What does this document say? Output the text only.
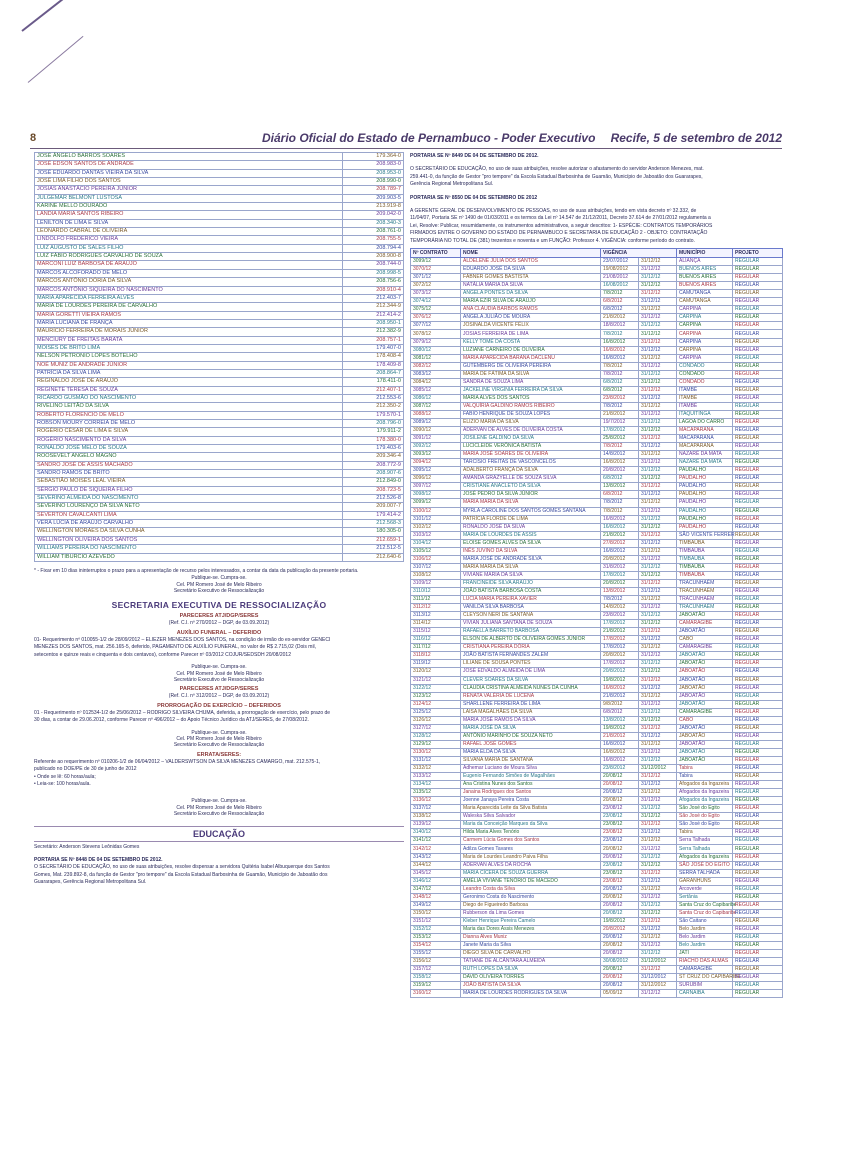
8	Diário Oficial do Estado de Pernambuco - Poder Executivo Recife, 5 de setembro de 2012
JOSÉ ÂNGELO BARROS SOARES	179.364-0
JOSÉ EDSON SANTOS DE ANDRADE	208.983-0
JOSÉ EDUARDO DANTAS VIEIRA DA SILVA	208.953-0
JOSÉ LIMA FILHO DOS SANTOS	208.990-0
JOSIAS ANASTÁCIO PEREIRA JÚNIOR	208.789-7
JULGEMAR BELMONT LUSTOSA	209.903-5
KARINE MELLO DOURADO	213.919-8
LANDIA MARIA SANTOS RIBEIRO	209.042-0
LENILTON DE LIMA E SILVA	208.340-3
LEONARDO CABRAL DE OLIVEIRA	208.761-0
LINDOLFO FREDERICO VIEIRA	208.755-5
LUIZ AUGUSTO DE SALES FILHO	208.794-4
LUIZ FÁBIO RODRIGUES CARVALHO DE SOUZA	208.900-8
MARCONI LUIZ BARBOSA DE ARAÚJO	208.744-0
MARCOS ALCOFORADO DE MELO	208.998-5
MARCOS ANTÔNIO DÓRIA DA SILVA	208.756-6
MARCOS ANTÔNIO SIQUEIRA DO NASCIMENTO	208.910-4
MARIA APARECIDA FERREIRA ALVES	212.403-7
MARIA DE LOURDES PEREIRA DE CARVALHO	212.344-9
MARIA GORETTI VIEIRA RAMOS	212.414-2
MARIA LUCIANA DE FRANÇA	208.950-1
MAURÍCIO FERREIRA DE MORAIS JÚNIOR	212.382-9
MENCIURY DE FREITAS BARATA	208.757-1
MOISÉS DE BRITO LIMA	179.407-0
NELSON PETRONIO LOPES BOTELHO	178.408-4
NOÉ MUNIZ DE ANDRADE JÚNIOR	178.409-8
PATRÍCIA DA SILVA LIMA	208.864-7
REGINALDO JOSÉ DE ARAÚJO	178.411-0
REGINETE TERESA DE SOUZA	212.407-1
RICARDO GUSMÃO DO NASCIMENTO	212.553-6
RIVELINO LEITÃO DA SILVA	212.350-2
ROBERTO FLORENCIO DE MELO	179.570-1
ROBSON MOURY CORREIA DE MELO	208.796-0
ROGÉRIO CÉSAR DE LIMA E SILVA	179.911-2
ROGÉRIO NASCIMENTO DA SILVA	178.380-0
RONALDO JOSÉ MELO DE SOUZA	179.403-6
ROOSEVELT ANGELO MAGNO	209.346-4
SANDRO JOSÉ DE ASSIS MACHADO	208.772-9
SANDRO RAMOS DE BRITO	208.907-6
SEBASTIÃO MOISÉS LEAL VIEIRA	212.849-0
SÉRGIO PAULO DE SIQUEIRA FILHO	208.723-5
SEVERINO ALMEIDA DO NASCIMENTO	212.526-8
SEVERINO LOURENÇO DA SILVA NETO	209.007-7
SEVERTON CAVALCANTI LIMA	179.414-2
VERA LÚCIA DE ARAÚJO CARVALHO	212.568-3
WELLINGTON MORAES DA SILVA CUNHA	180.305-0
WELLINGTON OLIVEIRA DOS SANTOS	212.659-1
WILLIAMS PEREIRA DO NASCIMENTO	212.512-5
WILLIAM TIBURCIO AZEVEDO	212.640-6
* - Fixar em 10 dias ininterruptos o prazo para a apresentação de recurso pelos interessados, a contar da data da publicação da presente portaria.
Publique-se. Cumpra-se.
Cel. PM Romero José de Melo Ribeiro
Secretário Executivo de Ressocialização
SECRETARIA EXECUTIVA DE RESSOCIALIZAÇÃO
PARECERES ATJ/DGP/SERES
(Ref. C.I. nº 270/2012 – DGP, de 03.09.2012)
AUXÍLIO FUNERAL – DEFERIDO
01- Requerimento nº 010055-1/2 de 28/09/2012 – ELIEZER MENEZES DOS SANTOS, na condição de irmão do ex-servidor GENECI
MENEZES DOS SANTOS, mat. 256.165-5, deferido, PAGAMENTO DE AUXÍLIO FUNERAL, no valor de R$ 2.715,02 (Dois mil,
setecentos e quinze reais e cinquenta e dois centavos), conforme Parecer nº 03/2012 COJUR/SEDSDH 20/08/2012
Publique-se. Cumpra-se.
Cel. PM Romero José de Melo Ribeiro
Secretário Executivo de Ressocialização
PARECERES ATJ/DGP/SERES
(Ref. C.I. nº 312/2012 – DGP, de 03.09.2012)
PRORROGAÇÃO DE EXERCÍCIO – DEFERIDOS
01 - Requerimento nº 012534-1/2 de 25/06/2012 – RODRIGO SILVEIRA CHUMA, deferida, a prorrogação de exercício, pelo prazo de
30 dias, a contar de 29.06.2012, conforme Parecer nº 496/2012 – do Apoio Técnico Jurídico da ATJ/SERES, de 27/08/2012.
Publique-se. Cumpra-se.
Cel. PM Romero José de Melo Ribeiro
Secretário Executivo de Ressocialização
ERRATA/SERES:
Referente ao requerimento nº 010206-1/2 de 06/04/2012 – VALDERSWTSON DA SILVA MENEZES CAMARGO, mat. 212.575-1,
publicado no DOE/PE de 30 de junho de 2012
• Onde se lê: 60 horas/aula;
• Leia-se: 100 horas/aula.
Publique-se. Cumpra-se.
Cel. PM Romero José de Melo Ribeiro
Secretário Executivo de Ressocialização
EDUCAÇÃO
Secretário: Anderson Stevens Leônidas Gomes
PORTARIA SE Nº 8448 DE 04 DE SETEMBRO DE 2012.
O SECRETÁRIO DE EDUCAÇÃO, no uso de suas atribuições, resolve dispensar a servidora Quitéria Isabel Albuquerque dos Santos
Gomes, Mat. 239.892-8, da função de Gestor "pro tempore" da Escola Estadual Barbosinha de Guamão, Município de Jaboatão dos
Guararapes, Gerência Regional Metropolitana Sul.
PORTARIA SE Nº 8449 DE 04 DE SETEMBRO DE 2012.
O SECRETÁRIO DE EDUCAÇÃO, no uso de suas atribuições, resolve autorizar o afastamento do servidor Anderson Menezes, mat.
259.441-0, da função de Gestor "pro tempore" da Escola Estadual Barbosinha de Guamão, Município de Jaboatão dos Guararapes,
Gerência Regional Metropolitana Sul.
PORTARIA SE Nº 8550 DE 04 DE SETEMBRO DE 2012
A GERENTE GERAL DE DESENVOLVIMENTO DE PESSOAS, no uso de suas atribuições, tendo em vista decreto nº 32.332, de
11/04/07, Portaria SE nº 1490 de 01/03/2011 e os termos da Lei nº 14.547 de 21/12/2011, Decreto 37.614 de 27/01/2012 regulamenta a
Lei, Resolve: Publicar, resumidamente, os instrumentos administrativos, a seguir descritos: 1- ESPÉCIE: CONTRATOS TEMPORÁRIOS
FIRMADOS ENTRE O GOVERNO DO ESTADO DE PERNAMBUCO E SECRETARIA DE EDUCAÇÃO 2 - OBJETO: CONTRATAÇÃO
TEMPORÁRIA NO TOTAL DE (381) trezentos e noventa e um FUNÇÃO: Professor 4. VIGÊNCIA: conforme período do contrato.
Nº CONTRATO	NOME	VIGÊNCIA		MUNICÍPIO	PROJETO
3099/12	ALDELENE JÚLIA DOS SANTOS	23/07/2012	31/12/12	ALIANÇA	REGULAR
3070/12	EDUARDO JOSÉ DA SILVA	19/08/2012	31/12/12	BUENOS AIRES	REGULAR
3071/12	FÁBNER GOMES BASTISTA	21/08/2012	31/12/12	BUENOS AIRES	REGULAR
3072/12	NATÁLIA MARIA DA SILVA	16/08/2012	31/12/12	BUENOS AIRES	REGULAR
3073/12	ANGELA PONTES DA SILVA	7/8/2012	31/12/12	CAMUTANGA	REGULAR
3074/12	MARIA EZIR SILVA DE ARAÚJO	6/8/2012	31/12/12	CAMUTANGA	REGULAR
3075/12	ANA CLÁUDIA BARBOS RAMOS	6/8/2012	31/12/12	CARPINA	REGULAR
3076/12	ANGELA JULIÃO DE MOURA	21/8/2012	31/12/12	CARPINA	REGULAR
3077/12	JOSINALDA VICENTE FÉLIX	18/8/2012	31/12/12	CARPINA	REGULAR
3078/12	JOSIAS FERREIRA DE LIMA	7/8/2012	31/12/12	CARPINA	REGULAR
3079/12	KELLY TOMÉ DA COSTA	16/8/2012	31/12/12	CARPINA	REGULAR
3080/12	LUZIANE CARNEIRO DE OLIVEIRA	16/8/2012	31/12/12	CARPINA	REGULAR
3081/12	MARIA APARECIDA BARANA DACLENU	16/8/2012	31/12/12	CARPINA	REGULAR
3082/12	GUTEMBERG DE OLIVEIRA PEREIRA	7/8/2012	31/12/12	CONDADO	REGULAR
3083/12	MARIA DE FÁTIMA DA SILVA	7/8/2012	31/12/12	CONDADO	REGULAR
3084/12	SANDRA DE SOUZA LIMA	6/8/2012	31/12/12	CONDADO	REGULAR
3085/12	JACKELINE VIRGÍNIA FERREIRA DA SILVA	6/8/2012	31/12/12	ITAMBÉ	REGULAR
3086/12	MARIA ALVES DOS SANTOS	23/8/2012	31/12/12	ITAMBÉ	REGULAR
3087/12	VALQUÍRIA GALDINO RAMOS RIBEIRO	7/8/2012	31/12/12	ITAMBÉ	REGULAR
3088/12	FABIO HENRIQUE DE SOUZA LOPES	21/8/2012	31/12/12	ITAQUITINGA	REGULAR
3089/12	ELIZIO MARIA DA SILVA	19/7/2012	31/12/12	LAGOA DO CARRO	REGULAR
3090/12	ADERVAN DE ALVES DE OLIVEIRA COSTA	17/8/2012	31/12/12	MACAPARANA	REGULAR
3091/12	JOSILENE GALDINO DA SILVA	25/8/2012	31/12/12	MACAPARANA	REGULAR
3092/12	LUCICLEIDE VERÔNICA BATISTA	7/8/2012	31/12/12	MACAPARANA	REGULAR
3093/12	MARIA JOSÉ SOARES DE OLIVEIRA	14/8/2012	31/12/12	NAZARÉ DA MATA	REGULAR
3094/12	TARCÍSIO FREITAS DE VASCONCELOS	16/8/2012	31/12/12	NAZARÉ DA MATA	REGULAR
3095/12	ADALBERTO FRANÇA DA SILVA	20/8/2012	31/12/12	PAUDALHO	REGULAR
3096/12	AMANDA GRAZYELLE DE SOUZA SILVA	6/8/2012	31/12/12	PAUDALHO	REGULAR
3097/12	CRISTIANE ANACLETO DA SILVA	13/8/2012	31/12/12	PAUDALHO	REGULAR
3098/12	JOSÉ PEDRO DA SILVA JÚNIOR	6/8/2012	31/12/12	PAUDALHO	REGULAR
3099/12	MARIA MARIA DA SILVA	7/8/2012	31/12/12	PAUDALHO	REGULAR
3100/12	MYRLA CAROLINE DOS SANTOS GOMES SANTANA	7/8/2012	31/12/12	PAUDALHO	REGULAR
3101/12	PATRÍCIA FLORDE DE LIMA	16/8/2012	31/12/12	PAUDALHO	REGULAR
3102/12	RONALDO JOSÉ DA SILVA	16/8/2012	31/12/12	PAUDALHO	REGULAR
3103/12	MARIA DE LOURDES DE ASSIS	21/8/2012	31/12/12	SÃO VICENTE FERRER	REGULAR
3104/12	ELOISE GOMES ALVES DA SILVA	27/8/2012	31/12/12	TIMBAÚBA	REGULAR
3105/12	INÊS JUVINO DA SILVA	16/8/2012	31/12/12	TIMBAÚBA	REGULAR
3106/12	MARIA JOSÉ DE ANDRADE SILVA	20/8/2012	31/12/12	TIMBAÚBA	REGULAR
3107/12	MARIA MARIA DA SILVA	31/8/2012	31/12/12	TIMBAÚBA	REGULAR
3108/12	VIVIANE MARIA DA SILVA	17/8/2012	31/12/12	TIMBAÚBA	REGULAR
3109/12	FRANCINEIDE SILVA ARAÚJO	20/8/2012	31/12/12	TRACUNHAÉM	REGULAR
3110/12	JOÃO BATISTA BARBOSA COSTA	13/8/2012	31/12/12	TRACUNHAÉM	REGULAR
3111/12	LUCIA MARIA PEREIRA XAVIER	7/8/2012	31/12/12	TRACUNHAÉM	REGULAR
3112/12	VANILDA SILVA BARBOSA	14/8/2012	31/12/12	TRACUNHAÉM	REGULAR
3113/12	CLEYSON NERI DE SANTANA	23/8/2012	31/12/12	JABOATÃO	REGULAR
3114/12	VIVIAN JULIANA SANTANA DE SOUZA	17/8/2012	31/12/12	CAMARAGIBE	REGULAR
3115/12	RAFAELLA BARRETO BARBOSA	21/8/2012	31/12/12	JABOATÃO	REGULAR
3116/12	ELSON DE ALBERTO DE OLIVEIRA GOMES JÚNIOR	17/8/2012	31/12/12	CABO	REGULAR
3117/12	CRISTIANA PEREIRA DÓRIA	17/8/2012	31/12/12	CAMARAGIBE	REGULAR
3118/12	JOÃO BATISTA FERNANDES ZALEM	20/8/2012	31/12/12	JABOATÃO	REGULAR
3119/12	LILIANE DE SOUSA PONTES	17/8/2012	31/12/12	JABOATÃO	REGULAR
3120/12	JOSÉ EDVALDO ALMEIDA DE LIMA	20/8/2012	31/12/12	JABOATÃO	REGULAR
3121/12	CLEVER SOARES DA SILVA	19/8/2012	31/12/12	JABOATÃO	REGULAR
3122/12	CLAUDIA CRISTINA ALMEIDA NUNES DA CUNHA	16/8/2012	31/12/12	JABOATÃO	REGULAR
3123/12	RENATA VALÉRIA DE LUCENA	21/8/2012	31/12/12	JABOATÃO	REGULAR
3124/12	SHARLLENE FERREIRA DE LIMA	9/8/2012	31/12/12	JABOATÃO	REGULAR
3125/12	LAISA MAGALHÃES DA SILVA	6/8/2012	31/12/12	CAMARAGIBE	REGULAR
3126/12	MARIA JOSÉ RAMOS DA SILVA	13/8/2012	31/12/12	CABO	REGULAR
3127/12	MARIA JOSÉ DA SILVA	19/8/2012	31/12/12	JABOATÃO	REGULAR
3128/12	ANTÔNIO MARINHO DE SOUZA NETO	21/8/2012	31/12/12	JABOATÃO	REGULAR
3129/12	RAFAEL JOSÉ GOMES	16/8/2012	31/12/12	JABOATÃO	REGULAR
3130/12	MARIA ELDA DA SILVA	16/8/2012	31/12/12	JABOATÃO	REGULAR
3131/12	SILVANA MARIA DE SANTANA	16/8/2012	31/12/12	JABOATÃO	REGULAR
3132/12	Adhemar Luciano de Moura Silva	23/8/2012	31/12/2012	Tabira	REGULAR
3133/12	Eugenio Fernando Simões de Magalhães	20/08/12	31/12/12	Tabira	REGULAR
3134/12	Ana Cristina Nunes dos Santos	20/08/12	31/12/12	Afogados da Ingazeira	REGULAR
3135/12	Janaina Rodrigues dos Santos	20/08/12	31/12/12	Afogados da Ingazeira	REGULAR
3136/12	Joenne Janaya Pereira Costa	20/08/12	31/12/12	Afogados da Ingazeira	REGULAR
3137/12	Maria Aparecida Leite da Silva Batista	23/08/12	31/12/12	São José do Egito	REGULAR
3138/12	Waleska Silva Salvador	23/08/12	31/12/12	São José do Egito	REGULAR
3139/12	Maria da Conceição Marques da Silva	23/08/12	31/12/12	São José do Egito	REGULAR
3140/12	Hilda Maria Alves Tenório	23/08/12	31/12/12	Tabira	REGULAR
3141/12	Carmem Lúcia Gomes dos Santos	23/08/12	31/12/12	Serra Talhada	REGULAR
3142/12	Adilza Gomes Tavares	20/08/12	31/12/12	Serra Talhada	REGULAR
3143/12	Maria de Lourdes Leandro Paiva Filha	20/08/12	31/12/12	Afogados da Ingazeira	REGULAR
3144/12	ADERVAN ALVES DA ROCHA	23/08/12	31/12/12	SÃO JOSÉ DO EGITO	REGULAR
3145/12	MARIA CÍCERA DE SOUZA GUERRA	23/08/12	31/12/12	SERRA TALHADA	REGULAR
3146/12	AMÉLIA VIVIANE TENÓRIO DE MACEDO	23/08/12	31/12/12	GARANHUNS	REGULAR
3147/12	Leandro Costa da Silva	20/08/12	31/12/12	Arcoverde	REGULAR
3148/12	Geronimo Costa do Nascimento	20/08/12	31/12/12	Sertânia	REGULAR
3149/12	Diego de Figueiredo Barbosa	20/08/12	31/12/12	Santa Cruz do Capibaribe	REGULAR
3150/12	Rubberson da Lima Gomes	20/08/12	31/12/12	Santa Cruz do Capibaribe	REGULAR
3151/12	Kleber Henrique Pereira Camelo	19/8/2012	31/12/12	São Caitano	REGULAR
3152/12	Maria das Dores Assis Menezes	20/8/2012	31/12/12	Belo Jardim	REGULAR
3153/12	Dianna Alves Muniz	20/08/12	31/12/12	Belo Jardim	REGULAR
3154/12	Janete Maria da Silva	20/08/12	31/12/12	Belo Jardim	REGULAR
3155/12	DIEGO SILVA DE CARVALHO	20/08/12	31/12/12	JATI	REGULAR
3156/12	TATIANE DE ALCÂNTARA ALMEIDA	30/08/2012	31/12/2012	RIACHO DAS ALMAS	REGULAR
3157/12	RUTH LOPES DA SILVA	20/08/12	31/12/12	CAMARAGIBE	REGULAR
3158/12	DAVID OLIVEIRA TORRES	20/08/12	31/12/2012	ST CRUZ DO CAPIBARIBE	REGULAR
3159/12	JOÃO BATISTA DA SILVA	20/08/12	31/12/2012	SURUBIM	REGULAR
3160/12	MARIA DE LOURDES RODRIGUES DA SILVA	05/09/12	31/12/12	CARNAIBA	REGULAR
